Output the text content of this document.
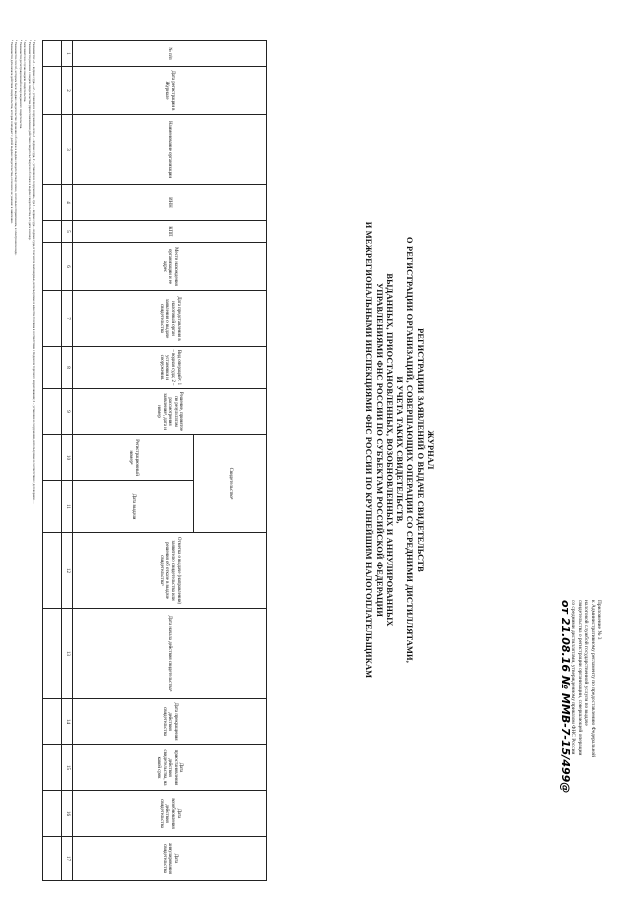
Приложение № 3
к Административному регламенту по предоставлению Федеральной
налоговой службой государственной услуги по выдаче
свидетельства о регистрации организации, совершающей операции
со средними дистиллятами, утвержденному приказом ФНС России
от 21.08.16 № ММВ-7-15/499@
ЖУРНАЛ
РЕГИСТРАЦИИ ЗАЯВЛЕНИЙ О ВЫДАЧЕ СВИДЕТЕЛЬСТВ
О РЕГИСТРАЦИИ ОРГАНИЗАЦИЙ, СОВЕРШАЮЩИХ ОПЕРАЦИИ СО СРЕДНИМИ ДИСТИЛЛЯТАМИ,
И УЧЕТА ТАКИХ СВИДЕТЕЛЬСТВ,
ВЫДАННЫХ, ПРИОСТАНОВЛЕННЫХ, ВОЗОБНОВЛЕННЫХ И АННУЛИРОВАННЫХ
УПРАВЛЕНИЯМИ ФНС РОССИИ ПО СУБЪЕКТАМ РОССИЙСКОЙ ФЕДЕРАЦИИ
И МЕЖРЕГИОНАЛЬНЫМИ ИНСПЕКЦИЯМИ ФНС РОССИИ ПО КРУПНЕЙШИМ НАЛОГОПЛАТЕЛЬЩИКАМ
№ п/п	Дата регистрации в Журнале	Наименование организации	ИНН	КПП	Место нахождения организации и ее адрес	Дата представления в налоговый орган заявления о выдаче свидетельства	Вид операций¹: 1 – водная суда; 2 – установки и сооружения.	Решение, принятое по результатам рассмотрения заявления², дата и номер	Свидетельство³		Отметка о выдаче (направлении) заявителю свидетельства или решения об отказе в выдаче свидетельства⁵	Дата начала действия свидетельства⁶	Дата прекращения действия свидетельства	Дата приостановления действия свидетельства, на какой срок	Дата возобновления действия свидетельства	Дата аннулирования свидетельства
									Регистрационный номер⁴	Дата выдачи						
1	2	3	4	5	6	7	8	9	10	11	12	13	14	15	16	17

¹ Указывается: «1 – водные суда», «2 – установки и сооружения» или «1 – водные суда, 2 – установки и сооружения», где 1 – водные суда – водные суда, в том числе маломерные, используемые в качестве топлива в соответствии с Кодексом торгового мореплавания; 2 – установки и сооружения, используемые в соответствии с договорами …
² Указывается решение о выдаче свидетельства (приостановлении действия свидетельства) или об отказе в выдаче свидетельства, его дата и номер.
³ Заполняется в случае выдачи свидетельства.
⁴ Указывается регистрационный номер выданного свидетельства.
⁵ Указывается способ, которым было выдано свидетельство (решение об отказе в выдаче свидетельства): лично, почтовым отправлением, в электронном виде.
⁶ Указывается дата начала действия свидетельства, которая совпадает с датой выдачи свидетельства, если иное не указано в заявлении.
